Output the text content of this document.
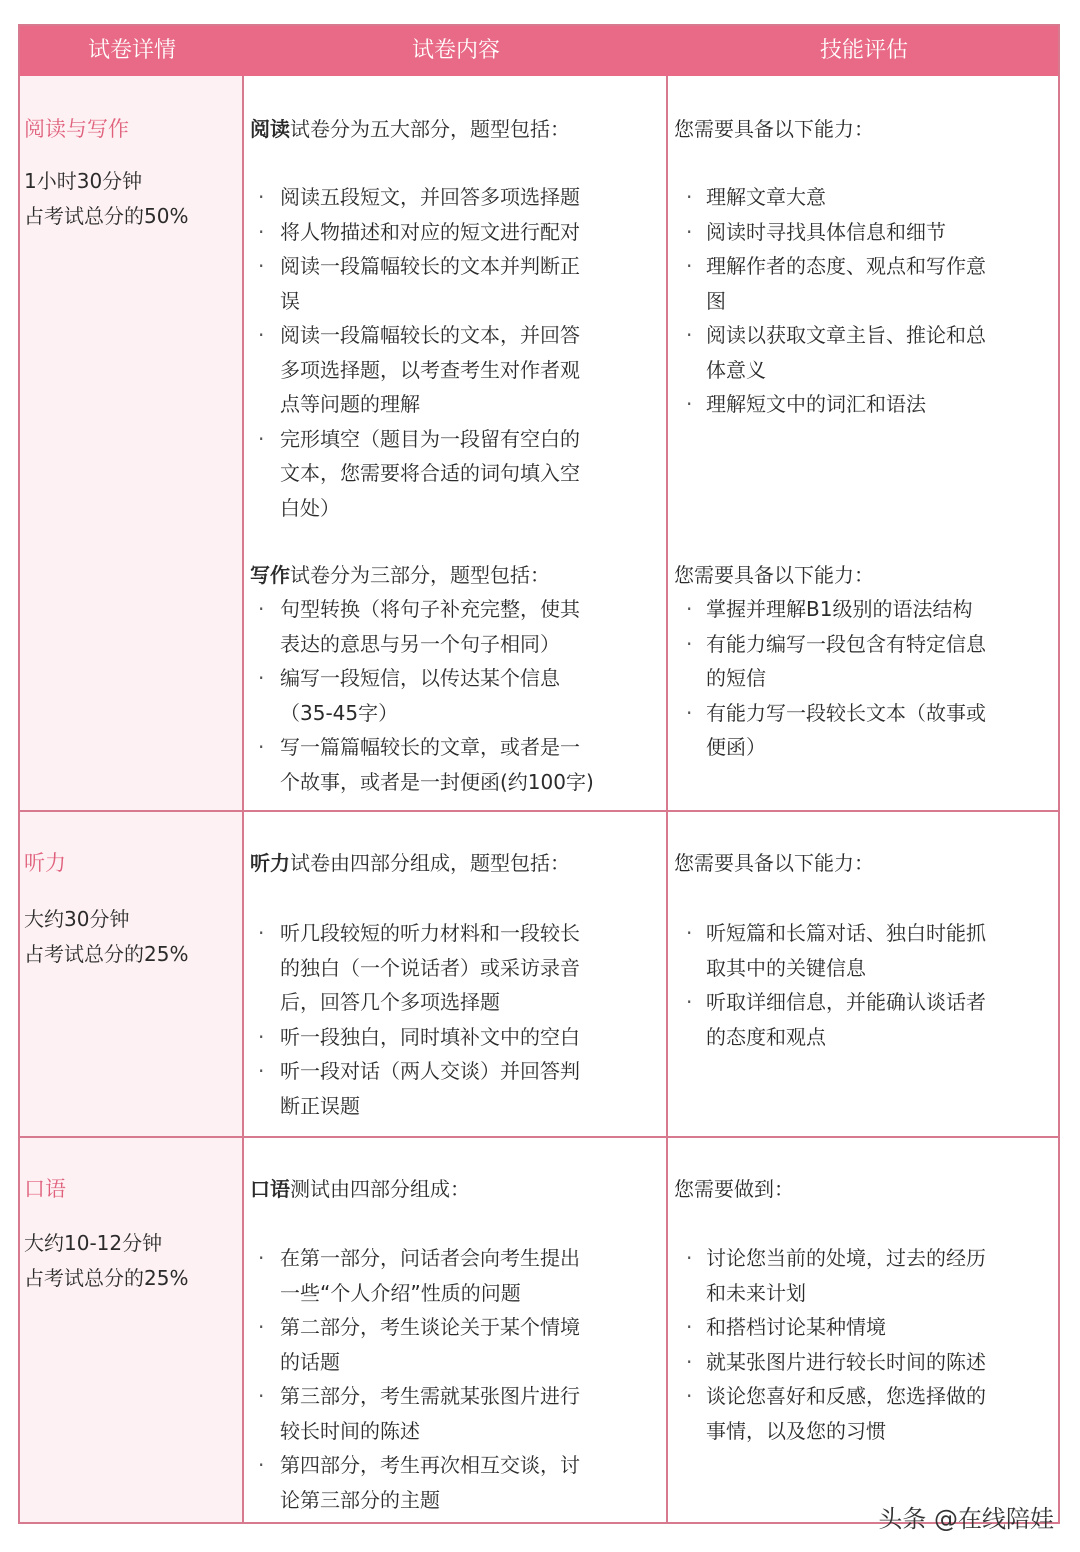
试卷详情	试卷内容	技能评估
阅读与写作
1小时30分钟
占考试总分的50%
阅读试卷分为五大部分，题型包括：
· 阅读五段短文，并回答多项选择题
· 将人物描述和对应的短文进行配对
· 阅读一段篇幅较长的文本并判断正
误
· 阅读一段篇幅较长的文本，并回答
多项选择题，以考查考生对作者观
点等问题的理解
· 完形填空（题目为一段留有空白的
文本，您需要将合适的词句填入空
白处）
您需要具备以下能力：
· 理解文章大意
· 阅读时寻找具体信息和细节
· 理解作者的态度、观点和写作意
图
· 阅读以获取文章主旨、推论和总
体意义
· 理解短文中的词汇和语法
写作试卷分为三部分，题型包括：
· 句型转换（将句子补充完整，使其
表达的意思与另一个句子相同）
· 编写一段短信，以传达某个信息
（35-45字）
· 写一篇篇幅较长的文章，或者是一
个故事，或者是一封便函(约100字)
您需要具备以下能力：
· 掌握并理解B1级别的语法结构
· 有能力编写一段包含有特定信息
的短信
· 有能力写一段较长文本（故事或
便函）
听力
大约30分钟
占考试总分的25%
听力试卷由四部分组成，题型包括：
· 听几段较短的听力材料和一段较长
的独白（一个说话者）或采访录音
后，回答几个多项选择题
· 听一段独白，同时填补文中的空白
· 听一段对话（两人交谈）并回答判
断正误题
您需要具备以下能力：
· 听短篇和长篇对话、独白时能抓
取其中的关键信息
· 听取详细信息，并能确认谈话者
的态度和观点
口语
大约10-12分钟
占考试总分的25%
口语测试由四部分组成：
· 在第一部分，问话者会向考生提出
一些“个人介绍”性质的问题
· 第二部分，考生谈论关于某个情境
的话题
· 第三部分，考生需就某张图片进行
较长时间的陈述
· 第四部分，考生再次相互交谈，讨
论第三部分的主题
您需要做到：
· 讨论您当前的处境，过去的经历
和未来计划
· 和搭档讨论某种情境
· 就某张图片进行较长时间的陈述
· 谈论您喜好和反感，您选择做的
事情，以及您的习惯
头条 @在线陪娃
